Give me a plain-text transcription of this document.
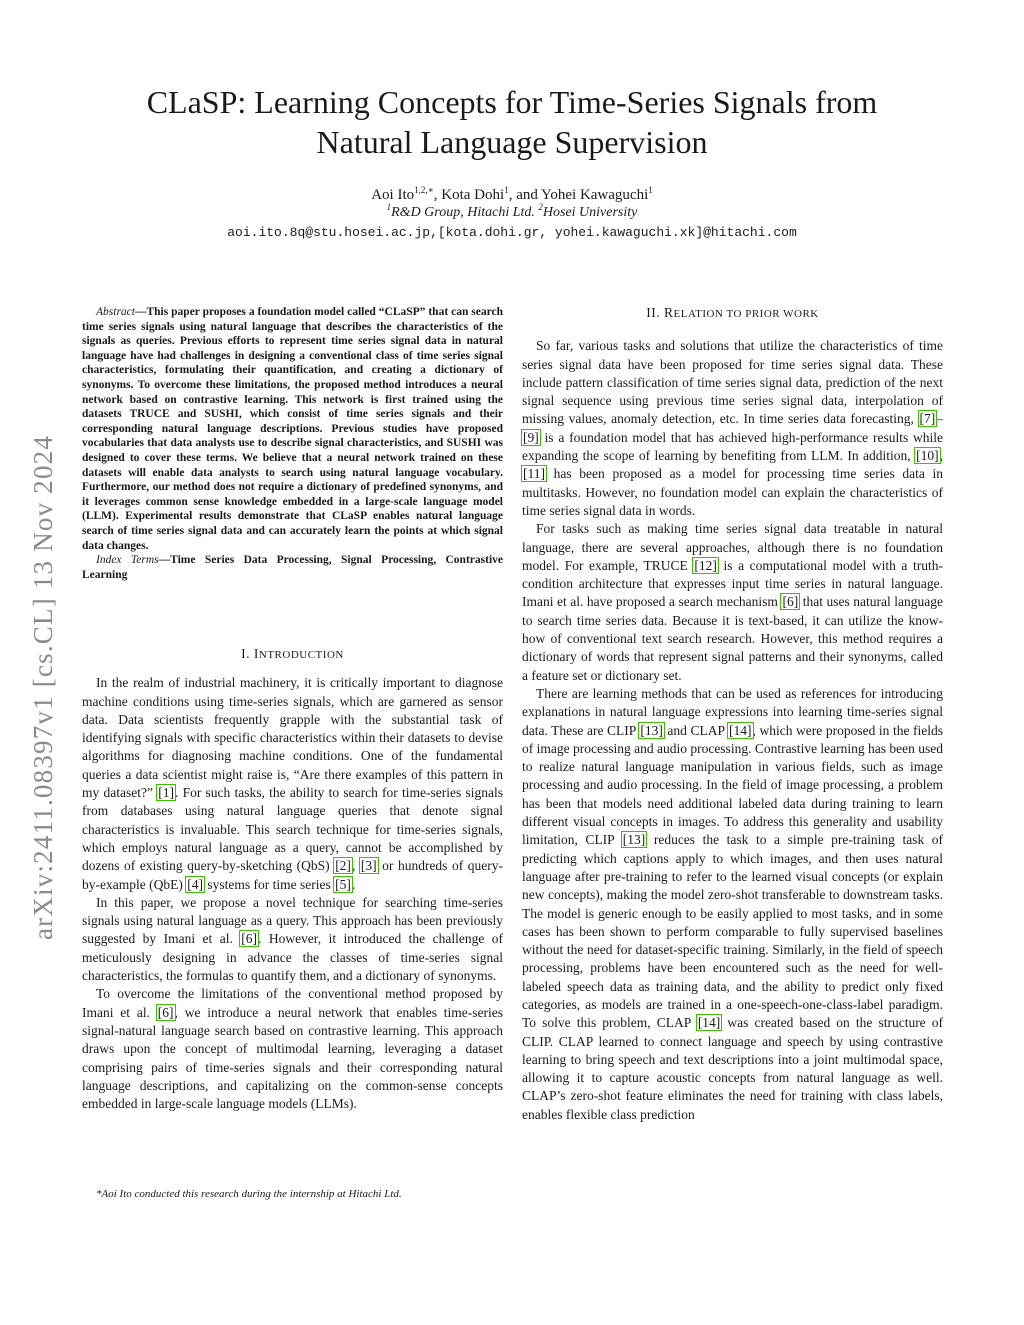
arXiv:2411.08397v1 [cs.CL] 13 Nov 2024
CLaSP: Learning Concepts for Time-Series Signals from
Natural Language Supervision
Aoi Ito$^{1,2,∗}$, Kota Dohi$^1$, and Yohei Kawaguchi$^1$
$^1$R&D Group, Hitachi Ltd. $^2$Hosei University
aoi.ito.8q@stu.hosei.ac.jp,[kota.dohi.gr, yohei.kawaguchi.xk]@hitachi.com

Abstract—This paper proposes a foundation model called “CLaSP” that can search time series signals using natural language that describes the characteristics of the signals as queries. Previous efforts to represent time series signal data in natural language have had challenges in designing a conventional class of time series signal characteristics, formulating their quantification, and creating a dictionary of synonyms. To overcome these limitations, the proposed method introduces a neural network based on contrastive learning. This network is first trained using the datasets TRUCE and SUSHI, which consist of time series signals and their corresponding natural language descriptions. Previous studies have proposed vocabularies that data analysts use to describe signal characteristics, and SUSHI was designed to cover these terms. We believe that a neural network trained on these datasets will enable data analysts to search using natural language vocabulary. Furthermore, our method does not require a dictionary of predefined synonyms, and it leverages common sense knowledge embedded in a large-scale language model (LLM). Experimental results demonstrate that CLaSP enables natural language search of time series signal data and can accurately learn the points at which signal data changes.

Index Terms—Time Series Data Processing, Signal Processing, Contrastive Learning

I. INTRODUCTION

In the realm of industrial machinery, it is critically important to diagnose machine conditions using time-series signals, which are garnered as sensor data. Data scientists frequently grapple with the substantial task of identifying signals with specific characteristics within their datasets to devise algorithms for diagnosing machine conditions. One of the fundamental queries a data scientist might raise is, “Are there examples of this pattern in my dataset?” [1]. For such tasks, the ability to search for time-series signals from databases using natural language queries that denote signal characteristics is invaluable. This search technique for time-series signals, which employs natural language as a query, cannot be accomplished by dozens of existing query-by-sketching (QbS) [2], [3] or hundreds of query-by-example (QbE) [4] systems for time series [5].

In this paper, we propose a novel technique for searching time-series signals using natural language as a query. This approach has been previously suggested by Imani et al. [6]. However, it introduced the challenge of meticulously designing in advance the classes of time-series signal characteristics, the formulas to quantify them, and a dictionary of synonyms.

To overcome the limitations of the conventional method proposed by Imani et al. [6], we introduce a neural network that enables time-series signal-natural language search based on contrastive learning. This approach draws upon the concept of multimodal learning, leveraging a dataset comprising pairs of time-series signals and their corresponding natural language descriptions, and capitalizing on the common-sense concepts embedded in large-scale language models (LLMs).

*Aoi Ito conducted this research during the internship at Hitachi Ltd.
II. RELATION TO PRIOR WORK

So far, various tasks and solutions that utilize the characteristics of time series signal data have been proposed for time series signal data. These include pattern classification of time series signal data, prediction of the next signal sequence using previous time series signal data, interpolation of missing values, anomaly detection, etc. In time series data forecasting, [7]–[9] is a foundation model that has achieved high-performance results while expanding the scope of learning by benefiting from LLM. In addition, [10], [11] has been proposed as a model for processing time series data in multitasks. However, no foundation model can explain the characteristics of time series signal data in words.

For tasks such as making time series signal data treatable in natural language, there are several approaches, although there is no foundation model. For example, TRUCE [12] is a computational model with a truth-condition architecture that expresses input time series in natural language. Imani et al. have proposed a search mechanism [6] that uses natural language to search time series data. Because it is text-based, it can utilize the know-how of conventional text search research. However, this method requires a dictionary of words that represent signal patterns and their synonyms, called a feature set or dictionary set.

There are learning methods that can be used as references for introducing explanations in natural language expressions into learning time-series signal data. These are CLIP [13] and CLAP [14], which were proposed in the fields of image processing and audio processing. Contrastive learning has been used to realize natural language manipulation in various fields, such as image processing and audio processing. In the field of image processing, a problem has been that models need additional labeled data during training to learn different visual concepts in images. To address this generality and usability limitation, CLIP [13] reduces the task to a simple pre-training task of predicting which captions apply to which images, and then uses natural language after pre-training to refer to the learned visual concepts (or explain new concepts), making the model zero-shot transferable to downstream tasks. The model is generic enough to be easily applied to most tasks, and in some cases has been shown to perform comparable to fully supervised baselines without the need for dataset-specific training. Similarly, in the field of speech processing, problems have been encountered such as the need for well-labeled speech data as training data, and the ability to predict only fixed categories, as models are trained in a one-speech-one-class-label paradigm. To solve this problem, CLAP [14] was created based on the structure of CLIP. CLAP learned to connect language and speech by using contrastive learning to bring speech and text descriptions into a joint multimodal space, allowing it to capture acoustic concepts from natural language as well. CLAP’s zero-shot feature eliminates the need for training with class labels, enables flexible class prediction
